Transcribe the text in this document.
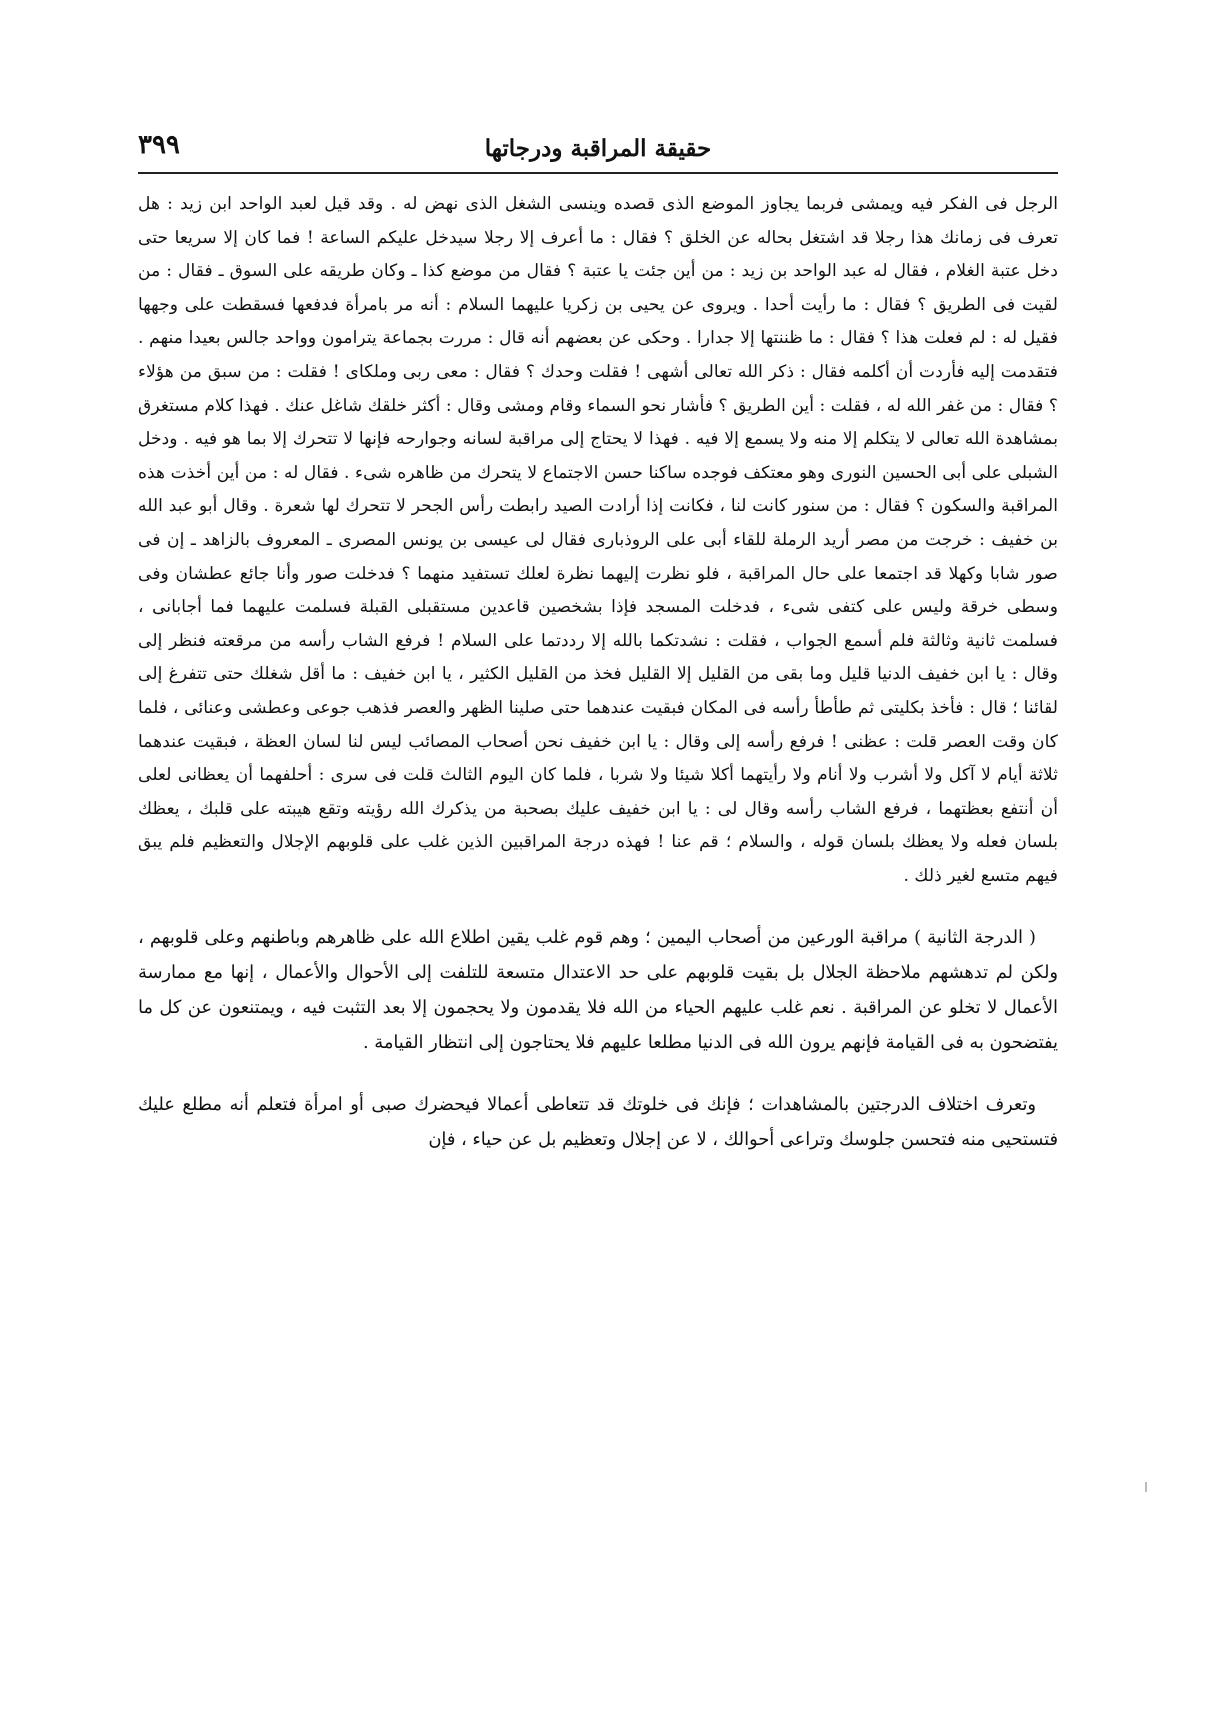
حقيقة المراقبة ودرجاتها
٣٩٩

الرجل فى الفكر فيه ويمشى فربما يجاوز الموضع الذى قصده وينسى الشغل الذى نهض له . وقد قيل لعبد الواحد ابن زيد : هل تعرف فى زمانك هذا رجلا قد اشتغل بحاله عن الخلق ؟ فقال : ما أعرف إلا رجلا سيدخل عليكم الساعة ! فما كان إلا سريعا حتى دخل عتبة الغلام ، فقال له عبد الواحد بن زيد : من أين جئت يا عتبة ؟ فقال من موضع كذا ـ وكان طريقه على السوق ـ فقال : من لقيت فى الطريق ؟ فقال : ما رأيت أحدا . ويروى عن يحيى بن زكريا عليهما السلام : أنه مر بامرأة فدفعها فسقطت على وجهها فقيل له : لم فعلت هذا ؟ فقال : ما ظننتها إلا جدارا . وحكى عن بعضهم أنه قال : مررت بجماعة يترامون وواحد جالس بعيدا منهم . فتقدمت إليه فأردت أن أكلمه فقال : ذكر الله تعالى أشهى ! فقلت وحدك ؟ فقال : معى ربى وملكاى ! فقلت : من سبق من هؤلاء ؟ فقال : من غفر الله له ، فقلت : أين الطريق ؟ فأشار نحو السماء وقام ومشى وقال : أكثر خلقك شاغل عنك . فهذا كلام مستغرق بمشاهدة الله تعالى لا يتكلم إلا منه ولا يسمع إلا فيه . فهذا لا يحتاج إلى مراقبة لسانه وجوارحه فإنها لا تتحرك إلا بما هو فيه . ودخل الشبلى على أبى الحسين النورى وهو معتكف فوجده ساكنا حسن الاجتماع لا يتحرك من ظاهره شىء . فقال له : من أين أخذت هذه المراقبة والسكون ؟ فقال : من سنور كانت لنا ، فكانت إذا أرادت الصيد رابطت رأس الجحر لا تتحرك لها شعرة . وقال أبو عبد الله بن خفيف : خرجت من مصر أريد الرملة للقاء أبى على الروذبارى فقال لى عيسى بن يونس المصرى ـ المعروف بالزاهد ـ إن فى صور شابا وكهلا قد اجتمعا على حال المراقبة ، فلو نظرت إليهما نظرة لعلك تستفيد منهما ؟ فدخلت صور وأنا جائع عطشان وفى وسطى خرقة وليس على كتفى شىء ، فدخلت المسجد فإذا بشخصين قاعدين مستقبلى القبلة فسلمت عليهما فما أجابانى ، فسلمت ثانية وثالثة فلم أسمع الجواب ، فقلت : نشدتكما بالله إلا رددتما على السلام ! فرفع الشاب رأسه من مرقعته فنظر إلى وقال : يا ابن خفيف الدنيا قليل وما بقى من القليل إلا القليل فخذ من القليل الكثير ، يا ابن خفيف : ما أقل شغلك حتى تتفرغ إلى لقائنا ؛ قال : فأخذ بكليتى ثم طأطأ رأسه فى المكان فبقيت عندهما حتى صلينا الظهر والعصر فذهب جوعى وعطشى وعنائى ، فلما كان وقت العصر قلت : عظنى ! فرفع رأسه إلى وقال : يا ابن خفيف نحن أصحاب المصائب ليس لنا لسان العظة ، فبقيت عندهما ثلاثة أيام لا آكل ولا أشرب ولا أنام ولا رأيتهما أكلا شيئا ولا شربا ، فلما كان اليوم الثالث قلت فى سرى : أحلفهما أن يعظانى لعلى أن أنتفع بعظتهما ، فرفع الشاب رأسه وقال لى : يا ابن خفيف عليك بصحبة من يذكرك الله رؤيته وتقع هيبته على قلبك ، يعظك بلسان فعله ولا يعظك بلسان قوله ، والسلام ؛ قم عنا ! فهذه درجة المراقبين الذين غلب على قلوبهم الإجلال والتعظيم فلم يبق فيهم متسع لغير ذلك .

( الدرجة الثانية ) مراقبة الورعين من أصحاب اليمين ؛ وهم قوم غلب يقين اطلاع الله على ظاهرهم وباطنهم وعلى قلوبهم ، ولكن لم تدهشهم ملاحظة الجلال بل بقيت قلوبهم على حد الاعتدال متسعة للتلفت إلى الأحوال والأعمال ، إنها مع ممارسة الأعمال لا تخلو عن المراقبة . نعم غلب عليهم الحياء من الله فلا يقدمون ولا يحجمون إلا بعد التثبت فيه ، ويمتنعون عن كل ما يفتضحون به فى القيامة فإنهم يرون الله فى الدنيا مطلعا عليهم فلا يحتاجون إلى انتظار القيامة .

وتعرف اختلاف الدرجتين بالمشاهدات ؛ فإنك فى خلوتك قد تتعاطى أعمالا فيحضرك صبى أو امرأة فتعلم أنه مطلع عليك فتستحيى منه فتحسن جلوسك وتراعى أحوالك ، لا عن إجلال وتعظيم بل عن حياء ، فإن
